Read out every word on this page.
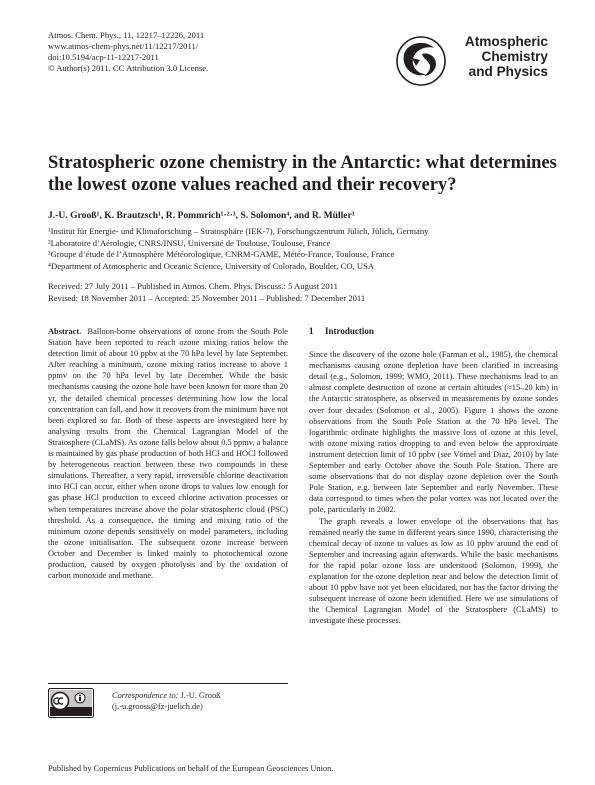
Atmos. Chem. Phys., 11, 12217–12226, 2011
www.atmos-chem-phys.net/11/12217/2011/
doi:10.5194/acp-11-12217-2011
© Author(s) 2011. CC Attribution 3.0 License.
Atmospheric
Chemistry
and Physics
Stratospheric ozone chemistry in the Antarctic: what determines the lowest ozone values reached and their recovery?
J.-U. Grooß¹, K. Brautzsch¹, R. Pommrich¹·²·³, S. Solomon⁴, and R. Müller¹
¹Institut für Energie- und Klimaforschung – Stratosphäre (IEK-7), Forschungszentrum Jülich, Jülich, Germany
²Laboratoire d’Aérologie, CNRS/INSU, Université de Toulouse, Toulouse, France
³Groupe d’étude de l’Atmosphère Météorologique, CNRM-GAME, Météo-France, Toulouse, France
⁴Department of Atmospheric and Oceanic Science, University of Colorado, Boulder, CO, USA
Received: 27 July 2011 – Published in Atmos. Chem. Phys. Discuss.: 5 August 2011
Revised: 18 November 2011 – Accepted: 25 November 2011 – Published: 7 December 2011

Abstract. Balloon-borne observations of ozone from the South Pole Station have been reported to reach ozone mixing ratios below the detection limit of about 10 ppbv at the 70 hPa level by late September. After reaching a minimum, ozone mixing ratios increase to above 1 ppmv on the 70 hPa level by late December. While the basic mechanisms causing the ozone hole have been known for more than 20 yr, the detailed chemical processes determining how low the local concentration can fall, and how it recovers from the minimum have not been explored so far. Both of these aspects are investigated here by analysing results from the Chemical Lagrangian Model of the Stratosphere (CLaMS). As ozone falls below about 0.5 ppmv, a balance is maintained by gas phase production of both HCl and HOCl followed by heterogeneous reaction between these two compounds in these simulations. Thereafter, a very rapid, irreversible chlorine deactivation into HCl can occur, either when ozone drops to values low enough for gas phase HCl production to exceed chlorine activation processes or when temperatures increase above the polar stratospheric cloud (PSC) threshold. As a consequence, the timing and mixing ratio of the minimum ozone depends sensitively on model parameters, including the ozone initialisation. The subsequent ozone increase between October and December is linked mainly to photochemical ozone production, caused by oxygen photolysis and by the oxidation of carbon monoxide and methane.

1 Introduction

Since the discovery of the ozone hole (Farman et al., 1985), the chemical mechanisms causing ozone depletion have been clarified in increasing detail (e.g., Solomon, 1999; WMO, 2011). These mechanisms lead to an almost complete destruction of ozone at certain altitudes (≈15–20 km) in the Antarctic stratosphere, as observed in measurements by ozone sondes over four decades (Solomon et al., 2005). Figure 1 shows the ozone observations from the South Pole Station at the 70 hPa level. The logarithmic ordinate highlights the massive loss of ozone at this level, with ozone mixing ratios dropping to and even below the approximate instrument detection limit of 10 ppbv (see Vömel and Diaz, 2010) by late September and early October above the South Pole Station. There are some observations that do not display ozone depletion over the South Pole Station, e.g. between late September and early November. These data correspond to times when the polar vortex was not located over the pole, particularly in 2002.

The graph reveals a lower envelope of the observations that has remained nearly the same in different years since 1990, characterising the chemical decay of ozone to values as low as 10 ppbv around the end of September and increasing again afterwards. While the basic mechanisms for the rapid polar ozone loss are understood (Solomon, 1999), the explanation for the ozone depletion near and below the detection limit of about 10 ppbv have not yet been elucidated, nor has the factor driving the subsequent increase of ozone been identified. Here we use simulations of the Chemical Lagrangian Model of the Stratosphere (CLaMS) to investigate these processes.

Correspondence to: J.-U. Grooß
(j.-u.grooss@fz-juelich.de)
Published by Copernicus Publications on behalf of the European Geosciences Union.
